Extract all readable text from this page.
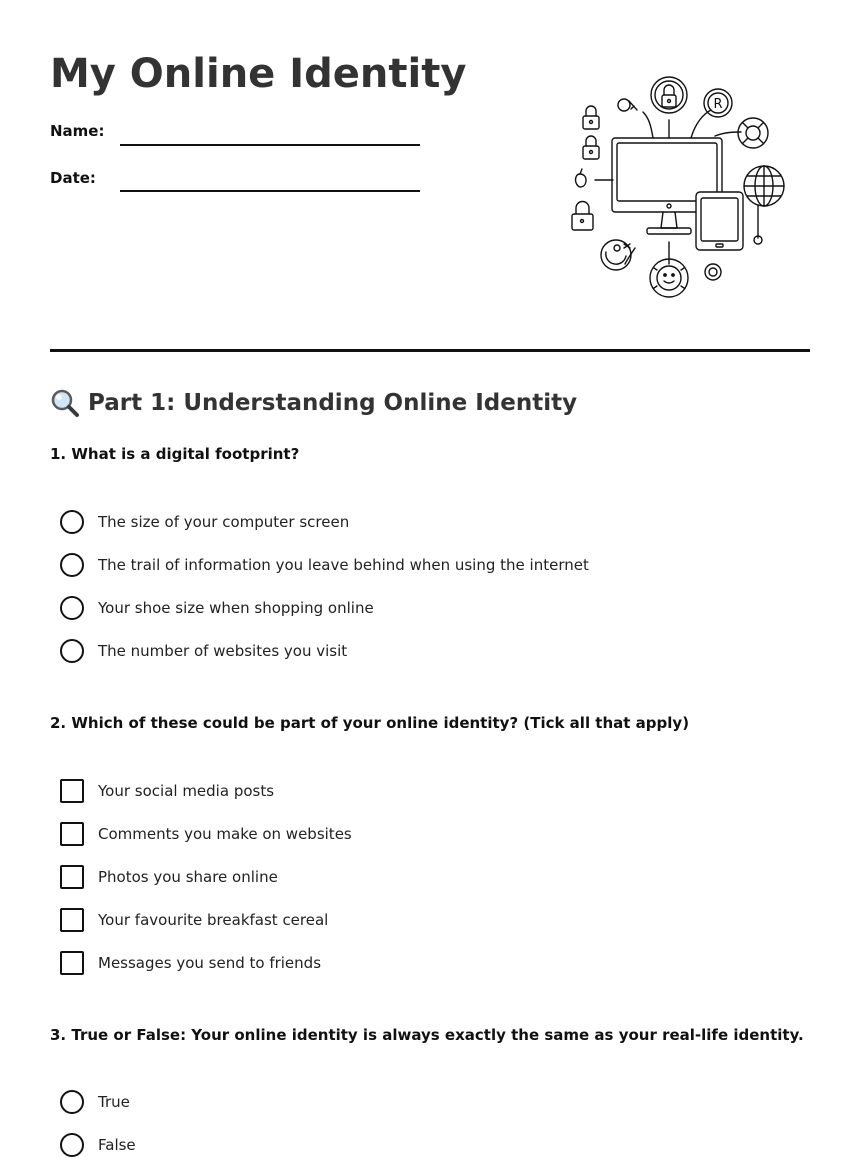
My Online Identity
Name:
Date:
R
Part 1: Understanding Online Identity

1. What is a digital footprint?

The size of your computer screen
The trail of information you leave behind when using the internet
Your shoe size when shopping online
The number of websites you visit

2. Which of these could be part of your online identity? (Tick all that apply)

Your social media posts
Comments you make on websites
Photos you share online
Your favourite breakfast cereal
Messages you send to friends

3. True or False: Your online identity is always exactly the same as your real-life identity.

True
False
